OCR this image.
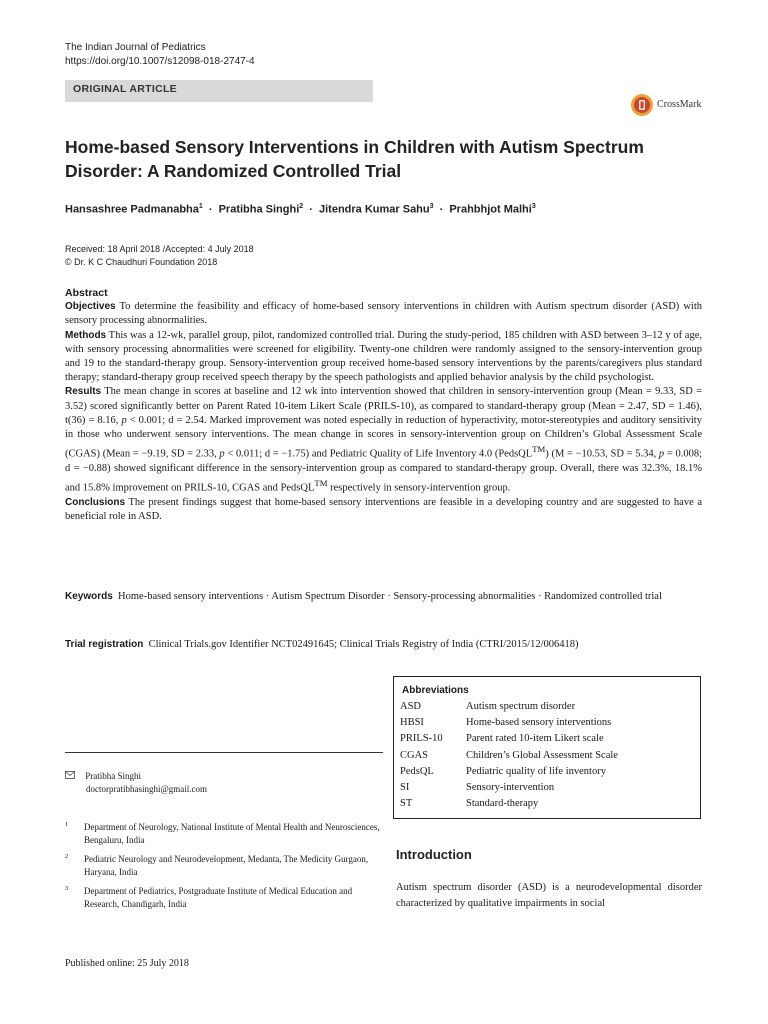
The Indian Journal of Pediatrics
https://doi.org/10.1007/s12098-018-2747-4
ORIGINAL ARTICLE
CrossMark
Home-based Sensory Interventions in Children with Autism Spectrum Disorder: A Randomized Controlled Trial
Hansashree Padmanabha$^1$ · Pratibha Singhi$^2$ · Jitendra Kumar Sahu$^3$ · Prahbhjot Malhi$^3$
Received: 18 April 2018 /Accepted: 4 July 2018
© Dr. K C Chaudhuri Foundation 2018
Abstract

Objectives To determine the feasibility and efficacy of home-based sensory interventions in children with Autism spectrum disorder (ASD) with sensory processing abnormalities.

Methods This was a 12-wk, parallel group, pilot, randomized controlled trial. During the study-period, 185 children with ASD between 3–12 y of age, with sensory processing abnormalities were screened for eligibility. Twenty-one children were randomly assigned to the sensory-intervention group and 19 to the standard-therapy group. Sensory-intervention group received home-based sensory interventions by the parents/caregivers plus standard therapy; standard-therapy group received speech therapy by the speech pathologists and applied behavior analysis by the child psychologist.

Results The mean change in scores at baseline and 12 wk into intervention showed that children in sensory-intervention group (Mean = 9.33, SD = 3.52) scored significantly better on Parent Rated 10-item Likert Scale (PRILS-10), as compared to standard-therapy group (Mean = 2.47, SD = 1.46), t(36) = 8.16, p < 0.001; d = 2.54. Marked improvement was noted especially in reduction of hyperactivity, motor-stereotypies and auditory sensitivity in those who underwent sensory interventions. The mean change in scores in sensory-intervention group on Children’s Global Assessment Scale (CGAS) (Mean = −9.19, SD = 2.33, p < 0.011; d = −1.75) and Pediatric Quality of Life Inventory 4.0 (PedsQL™) (M = −10.53, SD = 5.34, p = 0.008; d = −0.88) showed significant difference in the sensory-intervention group as compared to standard-therapy group. Overall, there was 32.3%, 18.1% and 15.8% improvement on PRILS-10, CGAS and PedsQL™ respectively in sensory-intervention group.

Conclusions The present findings suggest that home-based sensory interventions are feasible in a developing country and are suggested to have a beneficial role in ASD.

Keywords Home-based sensory interventions · Autism Spectrum Disorder · Sensory-processing abnormalities · Randomized controlled trial
Trial registration Clinical Trials.gov Identifier NCT02491645; Clinical Trials Registry of India (CTRI/2015/12/006418)
Abbreviations
ASD	Autism spectrum disorder
HBSI	Home-based sensory interventions
PRILS-10	Parent rated 10-item Likert scale
CGAS	Children’s Global Assessment Scale
PedsQL	Pediatric quality of life inventory
SI	Sensory-intervention
ST	Standard-therapy
Pratibha Singhi
doctorpratibhasinghi@gmail.com
1 Department of Neurology, National Institute of Mental Health and Neurosciences, Bengaluru, India
2 Pediatric Neurology and Neurodevelopment, Medanta, The Medicity Gurgaon, Haryana, India
3 Department of Pediatrics, Postgraduate Institute of Medical Education and Research, Chandigarh, India
Introduction
Autism spectrum disorder (ASD) is a neurodevelopmental disorder characterized by qualitative impairments in social
Published online: 25 July 2018
